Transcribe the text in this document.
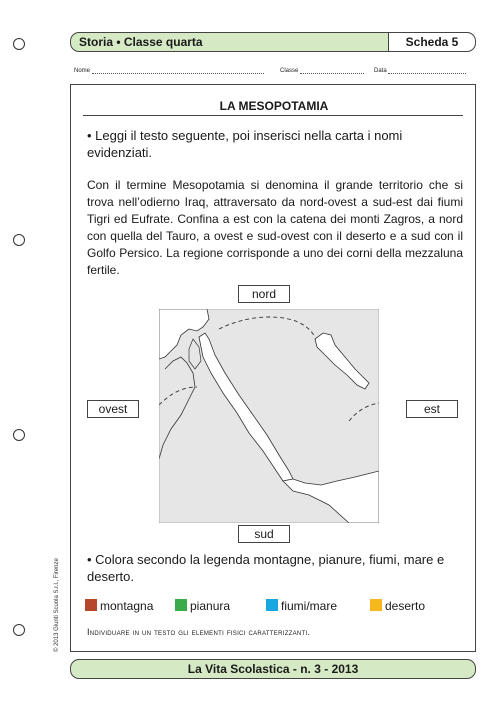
Storia • Classe quarta	Scheda 5
Nome	Classe	Data
LA MESOPOTAMIA
• Leggi il testo seguente, poi inserisci nella carta i nomi evidenziati.
Con il termine Mesopotamia si denomina il grande territorio che si trova nell’odierno Iraq, attraversato da nord-ovest a sud-est dai fiumi Tigri ed Eufrate. Confina a est con la catena dei monti Zagros, a nord con quella del Tauro, a ovest e sud-ovest con il deserto e a sud con il Golfo Persico. La regione corrisponde a uno dei corni della mezzaluna fertile.
nord
ovest	est
sud
• Colora secondo la legenda montagne, pianure, fiumi, mare e deserto.
montagna	pianura	fiumi/mare	deserto
Individuare in un testo gli elementi fisici caratterizzanti.
© 2013 Giunti Scuola S.r.l., Firenze
La Vita Scolastica - n. 3 - 2013
